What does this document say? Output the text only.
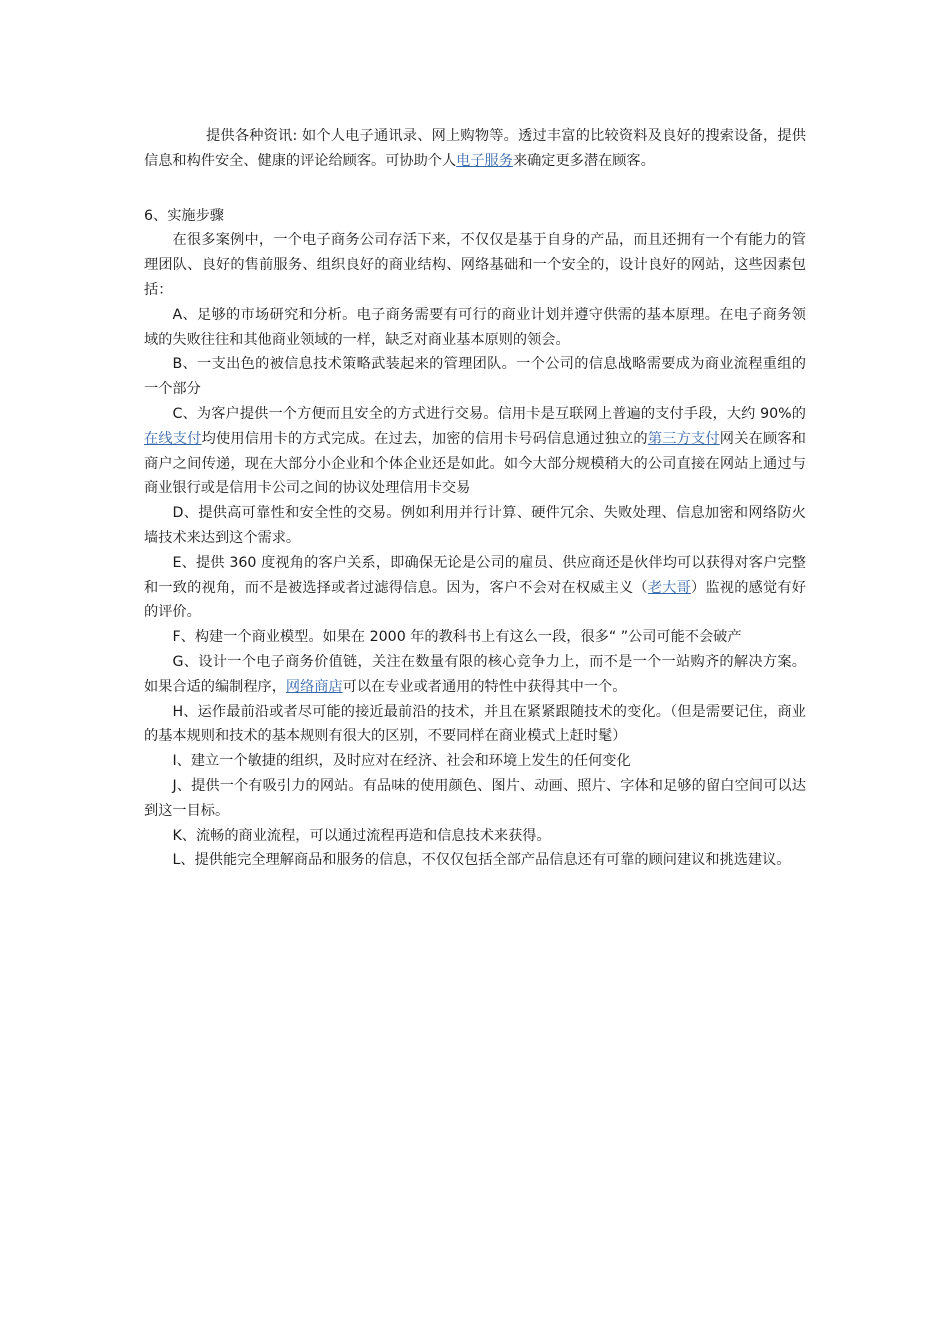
提供各种资讯: 如个人电子通讯录、网上购物等。透过丰富的比较资料及良好的搜索设备，提供信息和构件安全、健康的评论给顾客。可协助个人电子服务来确定更多潜在顾客。

6、实施步骤

在很多案例中，一个电子商务公司存活下来，不仅仅是基于自身的产品，而且还拥有一个有能力的管理团队、良好的售前服务、组织良好的商业结构、网络基础和一个安全的，设计良好的网站，这些因素包括：

A、足够的市场研究和分析。电子商务需要有可行的商业计划并遵守供需的基本原理。在电子商务领域的失败往往和其他商业领域的一样，缺乏对商业基本原则的领会。

B、一支出色的被信息技术策略武装起来的管理团队。一个公司的信息战略需要成为商业流程重组的一个部分

C、为客户提供一个方便而且安全的方式进行交易。信用卡是互联网上普遍的支付手段，大约 90%的在线支付均使用信用卡的方式完成。在过去，加密的信用卡号码信息通过独立的第三方支付网关在顾客和商户之间传递，现在大部分小企业和个体企业还是如此。如今大部分规模稍大的公司直接在网站上通过与商业银行或是信用卡公司之间的协议处理信用卡交易

D、提供高可靠性和安全性的交易。例如利用并行计算、硬件冗余、失败处理、信息加密和网络防火墙技术来达到这个需求。

E、提供 360 度视角的客户关系，即确保无论是公司的雇员、供应商还是伙伴均可以获得对客户完整和一致的视角，而不是被选择或者过滤得信息。因为，客户不会对在权威主义（老大哥）监视的感觉有好的评价。

F、构建一个商业模型。如果在 2000 年的教科书上有这么一段，很多“ ”公司可能不会破产

G、设计一个电子商务价值链，关注在数量有限的核心竞争力上，而不是一个一站购齐的解决方案。如果合适的编制程序，网络商店可以在专业或者通用的特性中获得其中一个。

H、运作最前沿或者尽可能的接近最前沿的技术，并且在紧紧跟随技术的变化。（但是需要记住，商业的基本规则和技术的基本规则有很大的区别，不要同样在商业模式上赶时髦）

I、建立一个敏捷的组织，及时应对在经济、社会和环境上发生的任何变化

J、提供一个有吸引力的网站。有品味的使用颜色、图片、动画、照片、字体和足够的留白空间可以达到这一目标。

K、流畅的商业流程，可以通过流程再造和信息技术来获得。

L、提供能完全理解商品和服务的信息，不仅仅包括全部产品信息还有可靠的顾问建议和挑选建议。
